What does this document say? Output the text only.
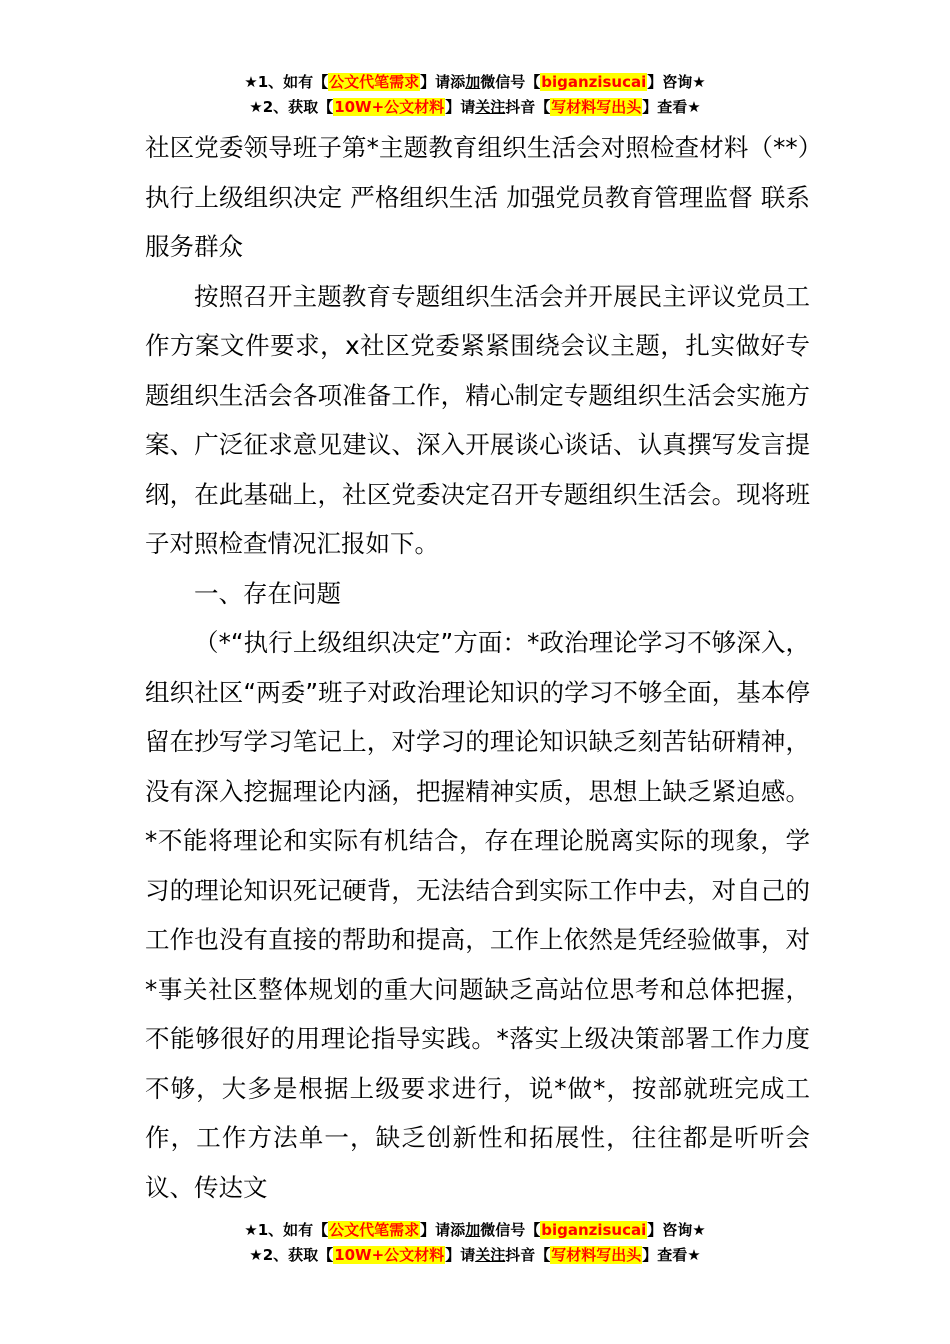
★1、如有【公文代笔需求】请添加微信号【biganzisucai】咨询★
★2、获取【10W+公文材料】请关注抖音【写材料写出头】查看★

社区党委领导班子第*主题教育组织生活会对照检查材料（**）执行上级组织决定 严格组织生活 加强党员教育管理监督 联系服务群众

按照召开主题教育专题组织生活会并开展民主评议党员工作方案文件要求，x社区党委紧紧围绕会议主题，扎实做好专题组织生活会各项准备工作，精心制定专题组织生活会实施方案、广泛征求意见建议、深入开展谈心谈话、认真撰写发言提纲，在此基础上，社区党委决定召开专题组织生活会。现将班子对照检查情况汇报如下。

一、存在问题

（*“执行上级组织决定”方面：*政治理论学习不够深入，组织社区“两委”班子对政治理论知识的学习不够全面，基本停留在抄写学习笔记上，对学习的理论知识缺乏刻苦钻研精神，没有深入挖掘理论内涵，把握精神实质，思想上缺乏紧迫感。*不能将理论和实际有机结合，存在理论脱离实际的现象，学习的理论知识死记硬背，无法结合到实际工作中去，对自己的工作也没有直接的帮助和提高，工作上依然是凭经验做事，对*事关社区整体规划的重大问题缺乏高站位思考和总体把握，不能够很好的用理论指导实践。*落实上级决策部署工作力度不够，大多是根据上级要求进行，说*做*，按部就班完成工作，工作方法单一，缺乏创新性和拓展性，往往都是听听会议、传达文

★1、如有【公文代笔需求】请添加微信号【biganzisucai】咨询★
★2、获取【10W+公文材料】请关注抖音【写材料写出头】查看★
